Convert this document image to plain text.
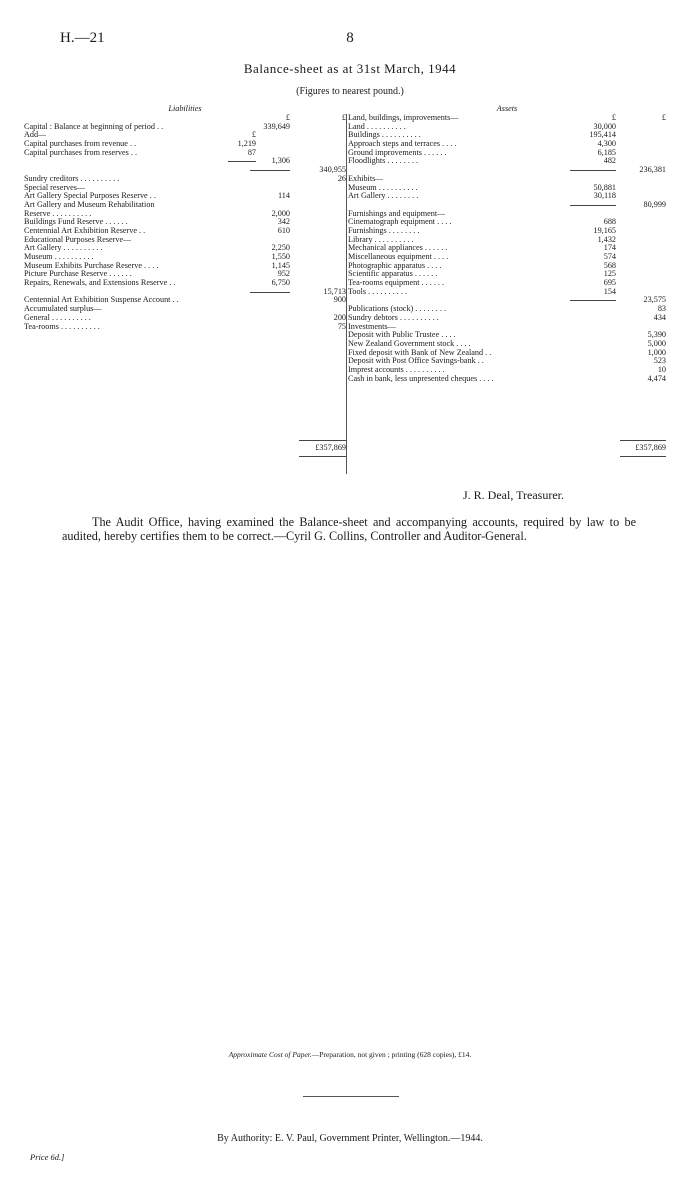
H.—21	8
Balance-sheet as at 31st March, 1944
(Figures to nearest pound.)
Liabilities
£	£
Capital : Balance at beginning of period . .	339,649
Add—	£
Capital purchases from revenue . .	1,219
Capital purchases from reserves . .	87
1,306
340,955
Sundry creditors . . . . . . . . . .	26
Special reserves—
Art Gallery Special Purposes Reserve . .	114
Art Gallery and Museum Rehabilitation
Reserve . . . . . . . . . .	2,000
Buildings Fund Reserve . . . . . .	342
Centennial Art Exhibition Reserve . .	610
Educational Purposes Reserve—
Art Gallery . . . . . . . . . .	2,250
Museum . . . . . . . . . .	1,550
Museum Exhibits Purchase Reserve . . . .	1,145
Picture Purchase Reserve . . . . . .	952
Repairs, Renewals, and Extensions Reserve . .	6,750
15,713
Centennial Art Exhibition Suspense Account . .	900
Accumulated surplus—
General . . . . . . . . . .	200
Tea-rooms . . . . . . . . . .	75
£357,869
Assets
Land, buildings, improvements—	£	£
Land . . . . . . . . . .	30,000
Buildings . . . . . . . . . .	195,414
Approach steps and terraces . . . .	4,300
Ground improvements . . . . . .	6,185
Floodlights . . . . . . . .	482
236,381
Exhibits—
Museum . . . . . . . . . .	50,881
Art Gallery . . . . . . . .	30,118
80,999
Furnishings and equipment—
Cinematograph equipment . . . .	688
Furnishings . . . . . . . .	19,165
Library . . . . . . . . . .	1,432
Mechanical appliances . . . . . .	174
Miscellaneous equipment . . . .	574
Photographic apparatus . . . .	568
Scientific apparatus . . . . . .	125
Tea-rooms equipment . . . . . .	695
Tools . . . . . . . . . .	154
23,575
Publications (stock) . . . . . . . .	83
Sundry debtors . . . . . . . . . .	434
Investments—
Deposit with Public Trustee . . . .	5,390
New Zealand Government stock . . . .	5,000
Fixed deposit with Bank of New Zealand . .	1,000
Deposit with Post Office Savings-bank . .	523
Imprest accounts . . . . . . . . . .	10
Cash in bank, less unpresented cheques . . . .	4,474
£357,869
J. R. Deal, Treasurer.
The Audit Office, having examined the Balance-sheet and accompanying accounts, required by law to be audited, hereby certifies them to be correct.—Cyril G. Collins, Controller and Auditor-General.
Approximate Cost of Paper.—Preparation, not given ; printing (628 copies), £14.
By Authority: E. V. Paul, Government Printer, Wellington.—1944.
Price 6d.]
